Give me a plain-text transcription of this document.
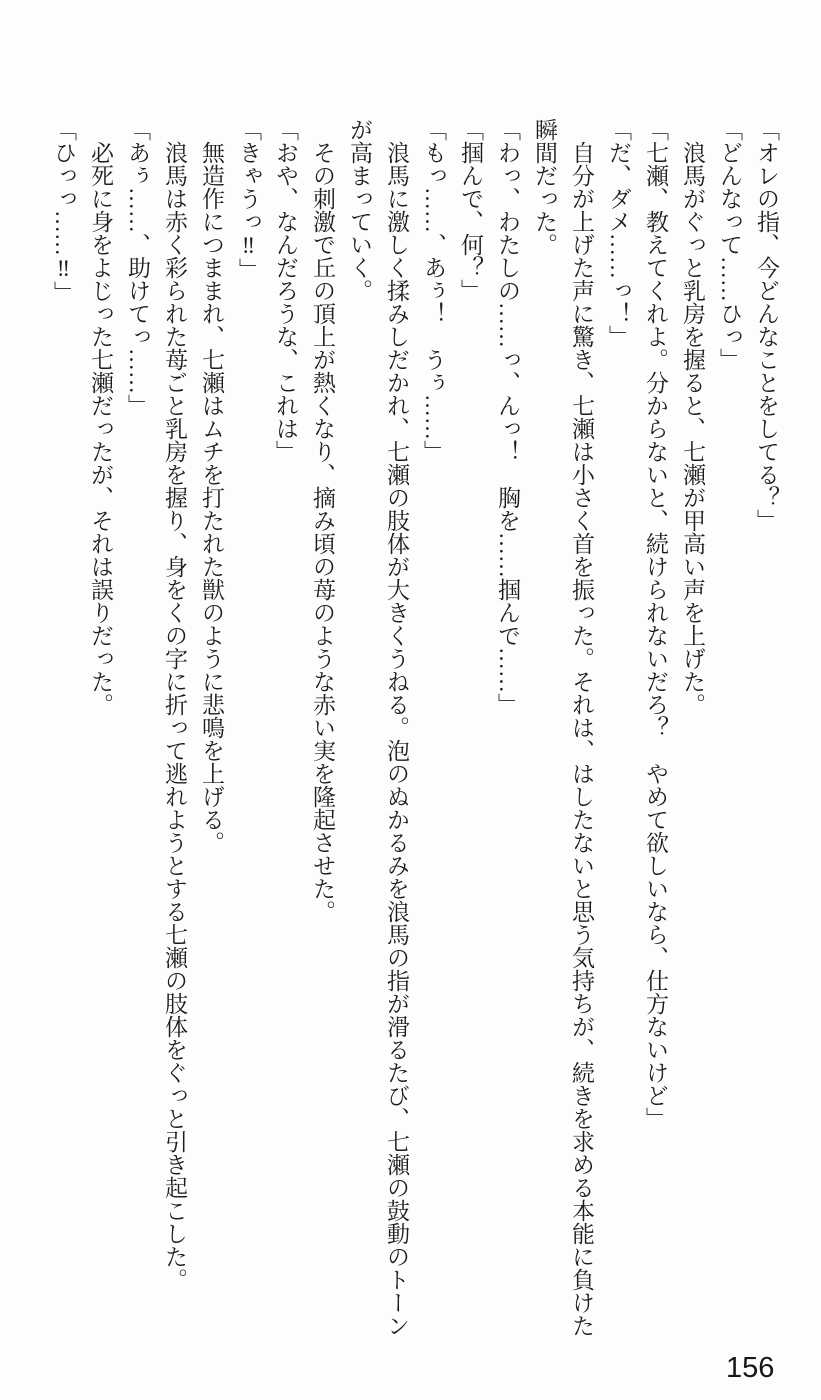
「オレの指、今どんなことをしてる？」

「どんなって……ひっ」

浪馬がぐっと乳房を握ると、七瀬が甲高い声を上げた。

「七瀬、教えてくれよ。分からないと、続けられないだろ？　やめて欲しいなら、仕方ないけど」

「だ、ダメ……っ！」

自分が上げた声に驚き、七瀬は小さく首を振った。それは、はしたないと思う気持ちが、続きを求める本能に負けた瞬間だった。

「わっ、わたしの……っ、んっ！　胸を……掴んで……」

「掴んで、何？」

「もっ……、あぅ！　うぅ……」

浪馬に激しく揉みしだかれ、七瀬の肢体が大きくうねる。泡のぬかるみを浪馬の指が滑るたび、七瀬の鼓動のトーンが高まっていく。

その刺激で丘の頂上が熱くなり、摘み頃の苺のような赤い実を隆起させた。

「おや、なんだろうな、これは」

「きゃうっ‼」

無造作につままれ、七瀬はムチを打たれた獣のように悲鳴を上げる。

浪馬は赤く彩られた苺ごと乳房を握り、身をくの字に折って逃れようとする七瀬の肢体をぐっと引き起こした。

「あぅ……、助けてっ……」

必死に身をよじった七瀬だったが、それは誤りだった。

「ひっっ……‼」

156
